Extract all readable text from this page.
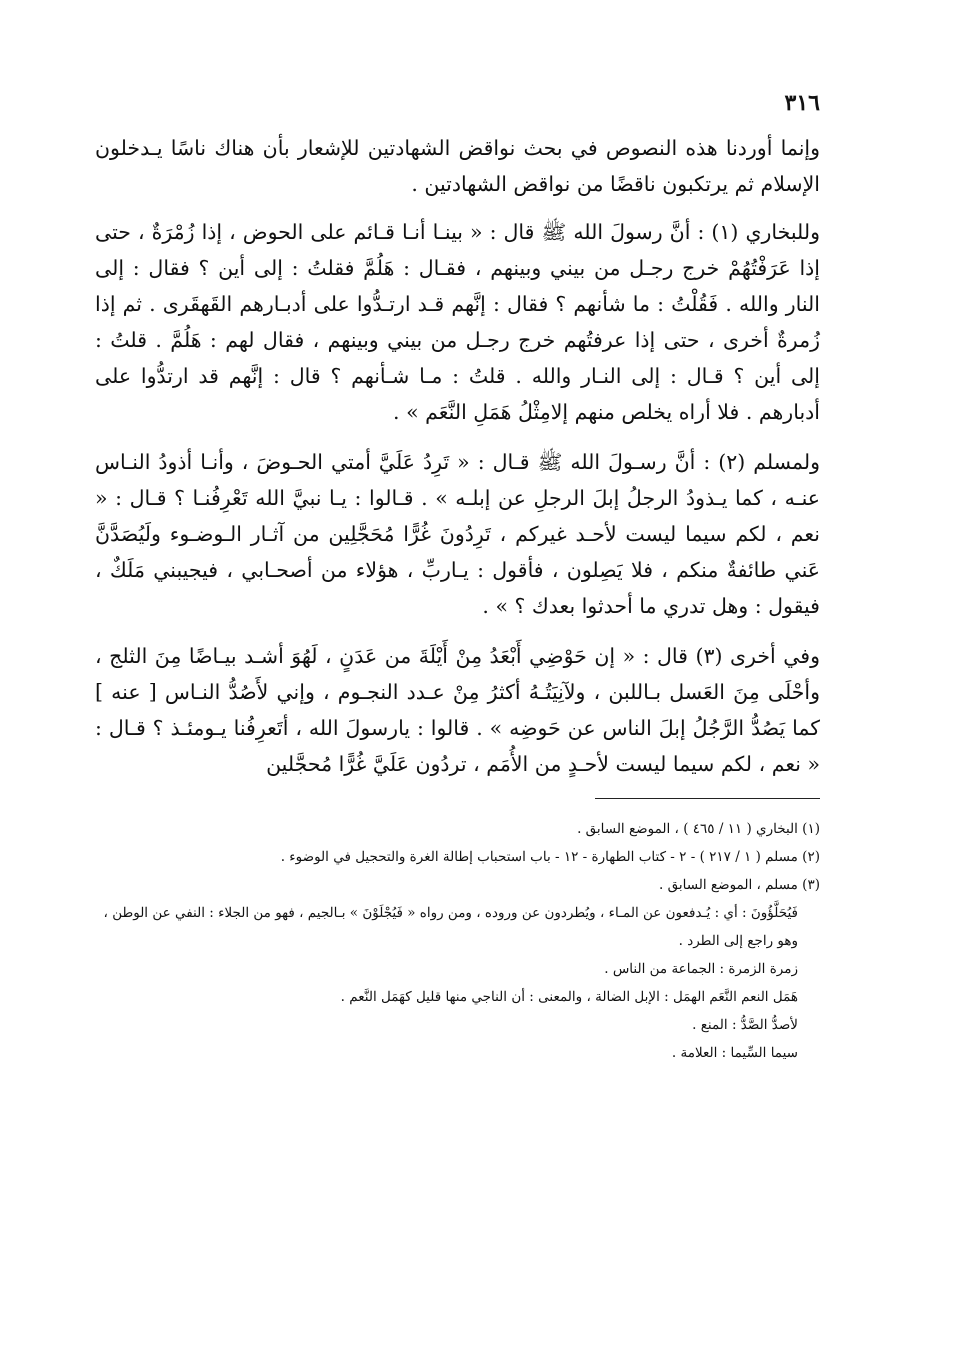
٣١٦

وإنما أوردنا هذه النصوص في بحث نواقض الشهادتين للإشعار بأن هناك ناسًا يـدخلون الإسلام ثم يرتكبون ناقضًا من نواقض الشهادتين .

وللبخاري (١) : أنَّ رسولَ الله ﷺ قال : « بينـا أنـا قـائم على الحوض ، إذا زُمْرَةٌ ، حتى إذا عَرَفْتُهُمْ خرج رجـل من بيني وبينهم ، فقـال : هَلُمَّ فقلتُ : إلى أين ؟ فقال : إلى النار والله . فَقُلْتُ : ما شأنهم ؟ فقال : إنَّهم قـد ارتـدُّوا على أدبـارهم القَهقَرى . ثم إذا زُمرةٌ أخرى ، حتى إذا عرفتُهم خرج رجـل من بيني وبينهم ، فقال لهم : هَلُمَّ . قلتُ : إلى أين ؟ قـال : إلى النـار والله . قلتُ : مـا شـأنهم ؟ قال : إنَّهم قد ارتدُّوا على أدبارهم . فلا أراه يخلص منهم إلامِثْلُ هَمَلِ النَّعَم » .

ولمسلم (٢) : أنَّ رسـولَ الله ﷺ قـال : « تَرِدُ عَلَيَّ أمتي الحـوضَ ، وأنـا أذودُ النـاس عنـه ، كما يـذودُ الرجلُ إبلَ الرجلِ عن إبلـه » . قـالوا : يـا نبيَّ الله تَعْرِفُنـا ؟ قـال : « نعم ، لكم سيما ليست لأحـد غيركم ، تَرِدُونَ غُرًّا مُحَجَّلِين من آثـار الـوضـوء ولَيُصَدَّنَّ عَني طائفةٌ منكم ، فلا يَصِلون ، فأقول : يـاربِّ ، هؤلاء من أصحـابي ، فيجيبني مَلَكٌ ، فيقول : وهل تدري ما أحدثوا بعدك ؟ » .

وفي أخرى (٣) قال : « إن حَوْضِي أَبْعَدُ مِنْ أَيْلَةَ من عَدَنٍ ، لَهُوَ أشـد بيـاضًا مِنَ الثلج ، وأحْلَى مِنَ العَسل بـاللبن ، ولآنِيَتُـهُ أكثرُ مِنْ عـدد النجـوم ، وإني لأَصُدُّ النـاس [ عنه ] كما يَصُدُّ الرَّجُلُ إبلَ الناس عن حَوضِه » . قالوا : يارسولَ الله ، أتَعرِفُنا يـومئـذ ؟ قـال : « نعم ، لكم سيما ليست لأحـدٍ من الأُمَم ، تردُون عَلَيَّ غُرًّا مُحجَّلين

(١) البخاري ( ١١ / ٤٦٥ ) ، الموضع السابق .

(٢) مسلم ( ١ / ٢١٧ ) - ٢ - كتاب الطهارة - ١٢ - باب استحباب إطالة الغرة والتحجيل في الوضوء .

(٣) مسلم ، الموضع السابق .

فَيُحَلَّؤُونَ : أي : يُـدفعون عن المـاء ، ويُطردون عن وروده ، ومن رواه « فَيُجْلَوْنَ » بـالجيم ، فهو من الجلاء : النفي عن الوطن ، وهو راجع إلى الطرد .

زمرة الزمرة : الجماعة من الناس .

هَمَل النعم النَّعَم الهمَل : الإبل الضالة ، والمعنى : أن الناجي منها قليل كهَمَل النَّعم .

لأصدُّ الصَّدُّ : المنع .

سيما السِّيما : العلامة .
